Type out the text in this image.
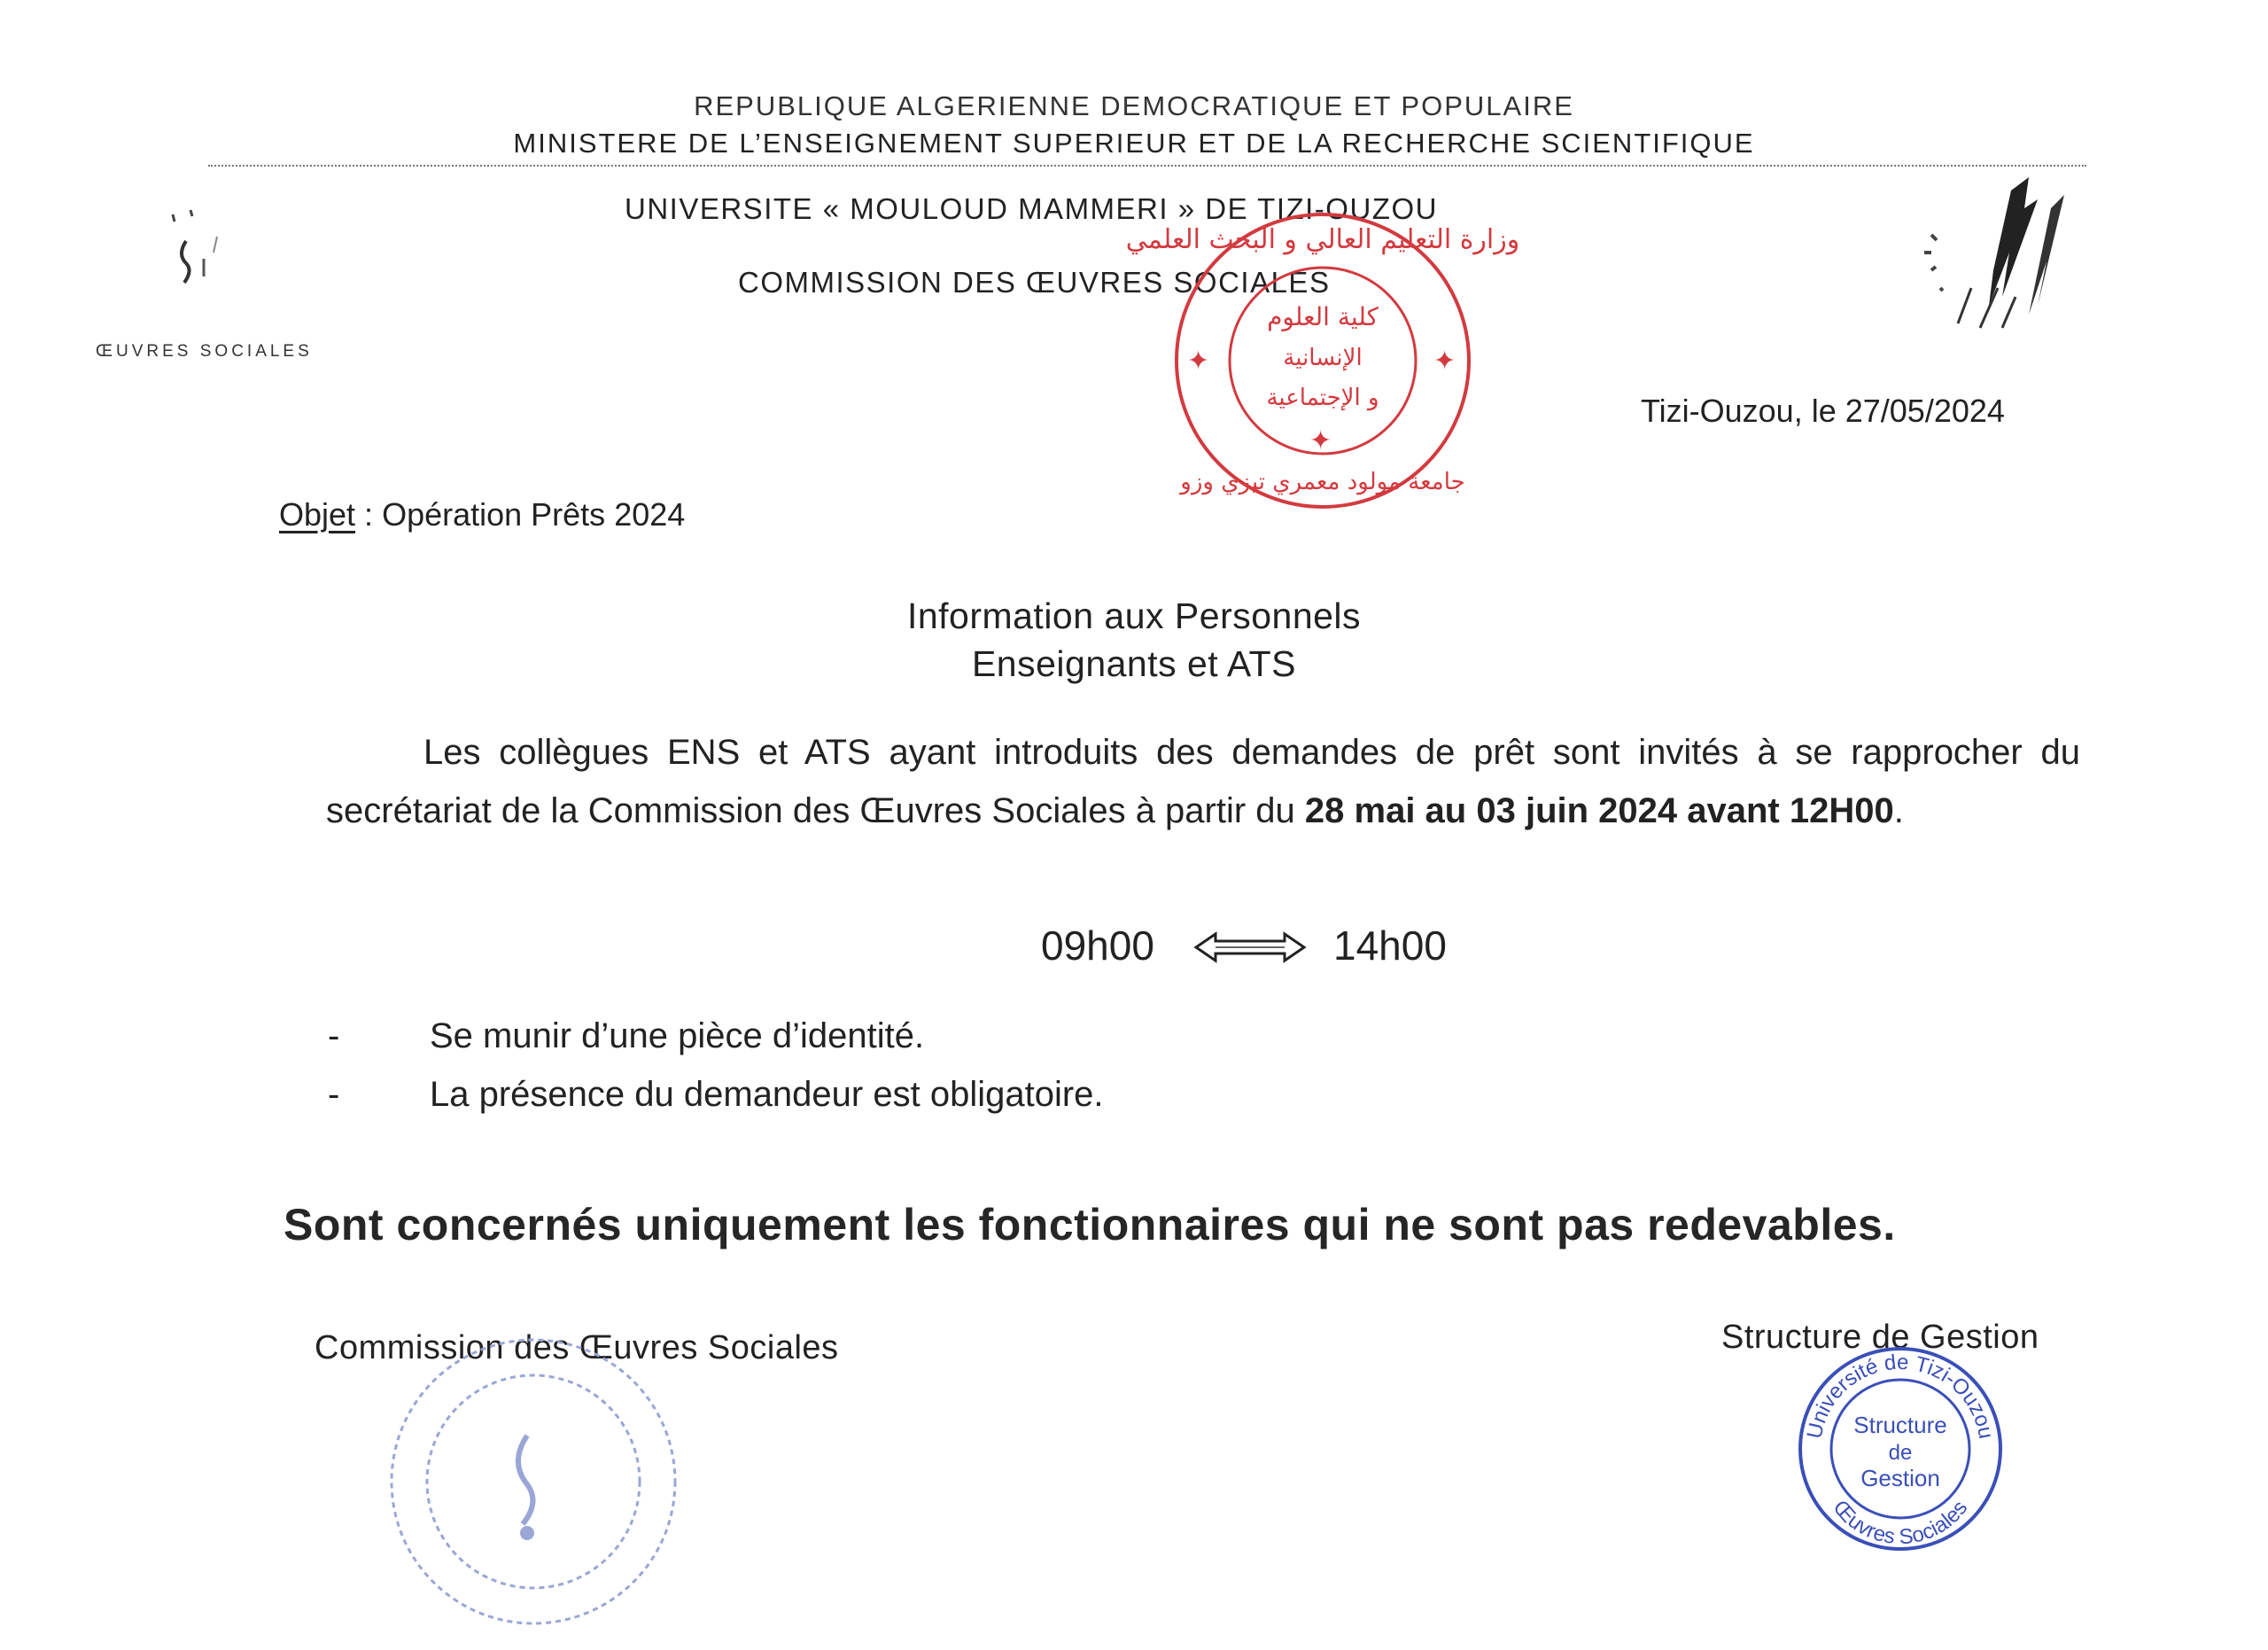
REPUBLIQUE ALGERIENNE DEMOCRATIQUE ET POPULAIRE
MINISTERE DE L’ENSEIGNEMENT SUPERIEUR ET DE LA RECHERCHE SCIENTIFIQUE
UNIVERSITE « MOULOUD MAMMERI » DE TIZI-OUZOU
COMMISSION DES ŒUVRES SOCIALES
ŒUVRES SOCIALES
Tizi-Ouzou, le 27/05/2024
Objet : Opération Prêts 2024
Information aux Personnels
Enseignants et ATS
Les collègues ENS et ATS ayant introduits des demandes de prêt sont invités à se rapprocher du secrétariat de la Commission des Œuvres Sociales à partir du 28 mai au 03 juin 2024 avant 12H00.
09h00	14h00
-	Se munir d’une pièce d’identité.
-	La présence du demandeur est obligatoire.
Sont concernés uniquement les fonctionnaires qui ne sont pas redevables.
Commission des Œuvres Sociales	Structure de Gestion
وزارة التعليم العالي و البحث العلمي
كلية العلوم
الإنسانية
و الإجتماعية
جامعة مولود معمري تيزي وزو
✦	✦
✦
Université de Tizi-Ouzou
Œuvres Sociales
Structure
de
Gestion
